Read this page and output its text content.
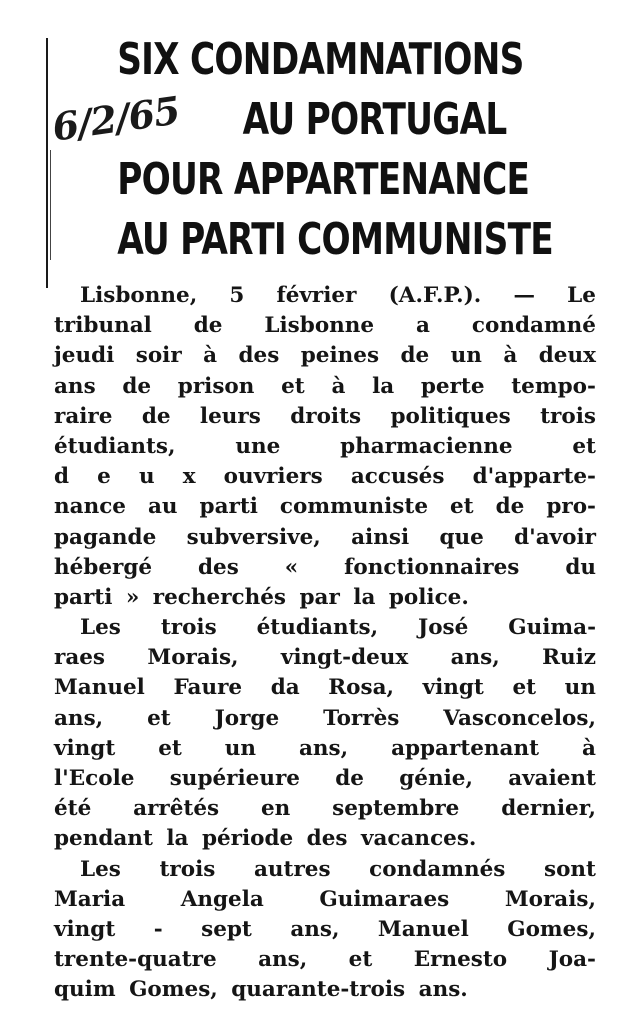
6/2/65
SIX CONDAMNATIONS
AU PORTUGAL
POUR APPARTENANCE
AU PARTI COMMUNISTE
Lisbonne, 5 février (A.F.P.). — Le
tribunal de Lisbonne a condamné
jeudi soir à des peines de un à deux
ans de prison et à la perte tempo-
raire de leurs droits politiques trois
étudiants,	une	pharmacienne	et
d e u x ouvriers accusés d'apparte-
nance au parti communiste et de pro-
pagande subversive, ainsi que d'avoir
hébergé des « fonctionnaires du
parti » recherchés par la police.
Les trois étudiants, José Guima-
raes Morais, vingt-deux ans, Ruiz
Manuel Faure da Rosa, vingt et un
ans, et Jorge Torrès Vasconcelos,
vingt et un ans, appartenant à
l'Ecole supérieure de génie, avaient
été arrêtés en septembre dernier,
pendant la période des vacances.
Les trois autres condamnés sont
Maria	Angela	Guimaraes	Morais,
vingt - sept ans, Manuel Gomes,
trente-quatre ans, et Ernesto Joa-
quim Gomes, quarante-trois ans.
